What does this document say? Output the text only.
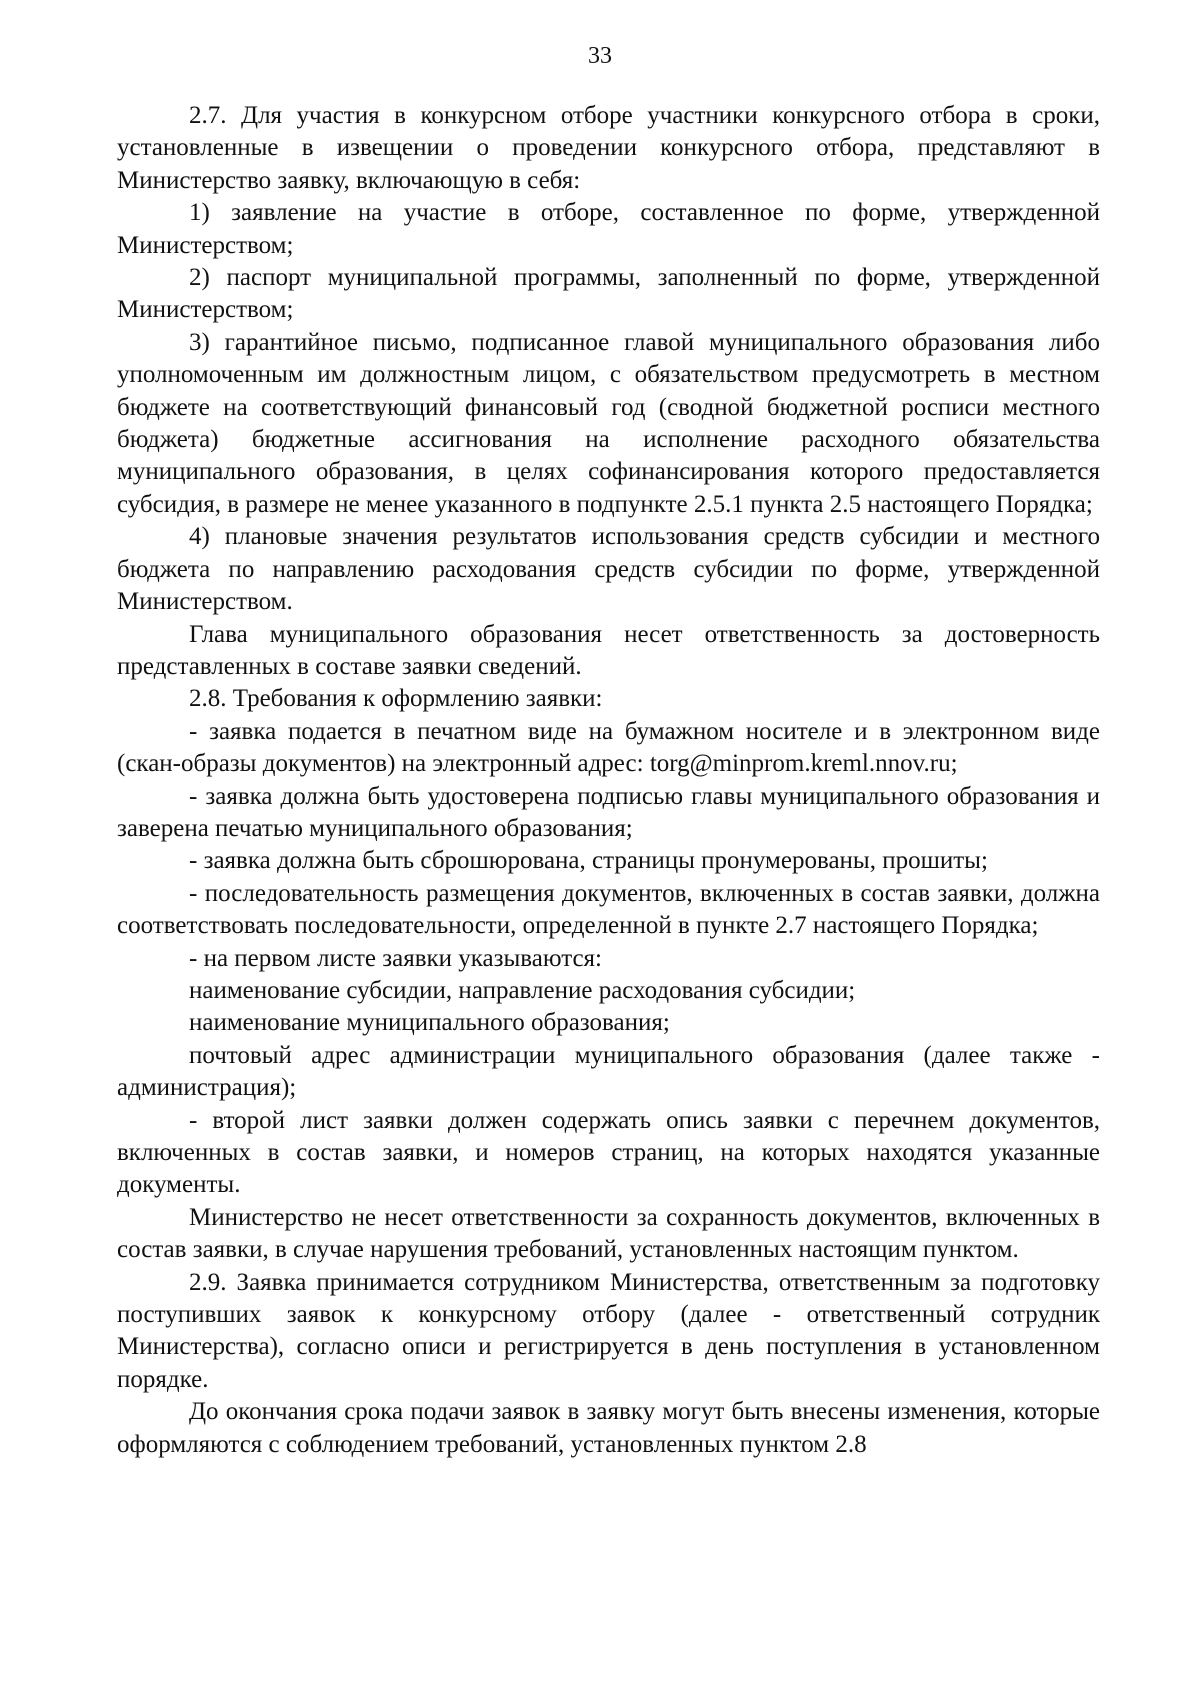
33

2.7. Для участия в конкурсном отборе участники конкурсного отбора в сроки, установленные в извещении о проведении конкурсного отбора, представляют в Министерство заявку, включающую в себя:

1) заявление на участие в отборе, составленное по форме, утвержденной Министерством;

2) паспорт муниципальной программы, заполненный по форме, утвержденной Министерством;

3) гарантийное письмо, подписанное главой муниципального образования либо уполномоченным им должностным лицом, с обязательством предусмотреть в местном бюджете на соответствующий финансовый год (сводной бюджетной росписи местного бюджета) бюджетные ассигнования на исполнение расходного обязательства муниципального образования, в целях софинансирования которого предоставляется субсидия, в размере не менее указанного в подпункте 2.5.1 пункта 2.5 настоящего Порядка;

4) плановые значения результатов использования средств субсидии и местного бюджета по направлению расходования средств субсидии по форме, утвержденной Министерством.

Глава муниципального образования несет ответственность за достоверность представленных в составе заявки сведений.

2.8. Требования к оформлению заявки:

- заявка подается в печатном виде на бумажном носителе и в электронном виде (скан-образы документов) на электронный адрес: torg@minprom.kreml.nnov.ru;

- заявка должна быть удостоверена подписью главы муниципального образования и заверена печатью муниципального образования;

- заявка должна быть сброшюрована, страницы пронумерованы, прошиты;

- последовательность размещения документов, включенных в состав заявки, должна соответствовать последовательности, определенной в пункте 2.7 настоящего Порядка;

- на первом листе заявки указываются:

наименование субсидии, направление расходования субсидии;

наименование муниципального образования;

почтовый адрес администрации муниципального образования (далее также - администрация);

- второй лист заявки должен содержать опись заявки с перечнем документов, включенных в состав заявки, и номеров страниц, на которых находятся указанные документы.

Министерство не несет ответственности за сохранность документов, включенных в состав заявки, в случае нарушения требований, установленных настоящим пунктом.

2.9. Заявка принимается сотрудником Министерства, ответственным за подготовку поступивших заявок к конкурсному отбору (далее - ответственный сотрудник Министерства), согласно описи и регистрируется в день поступления в установленном порядке.

До окончания срока подачи заявок в заявку могут быть внесены изменения, которые оформляются с соблюдением требований, установленных пунктом 2.8
